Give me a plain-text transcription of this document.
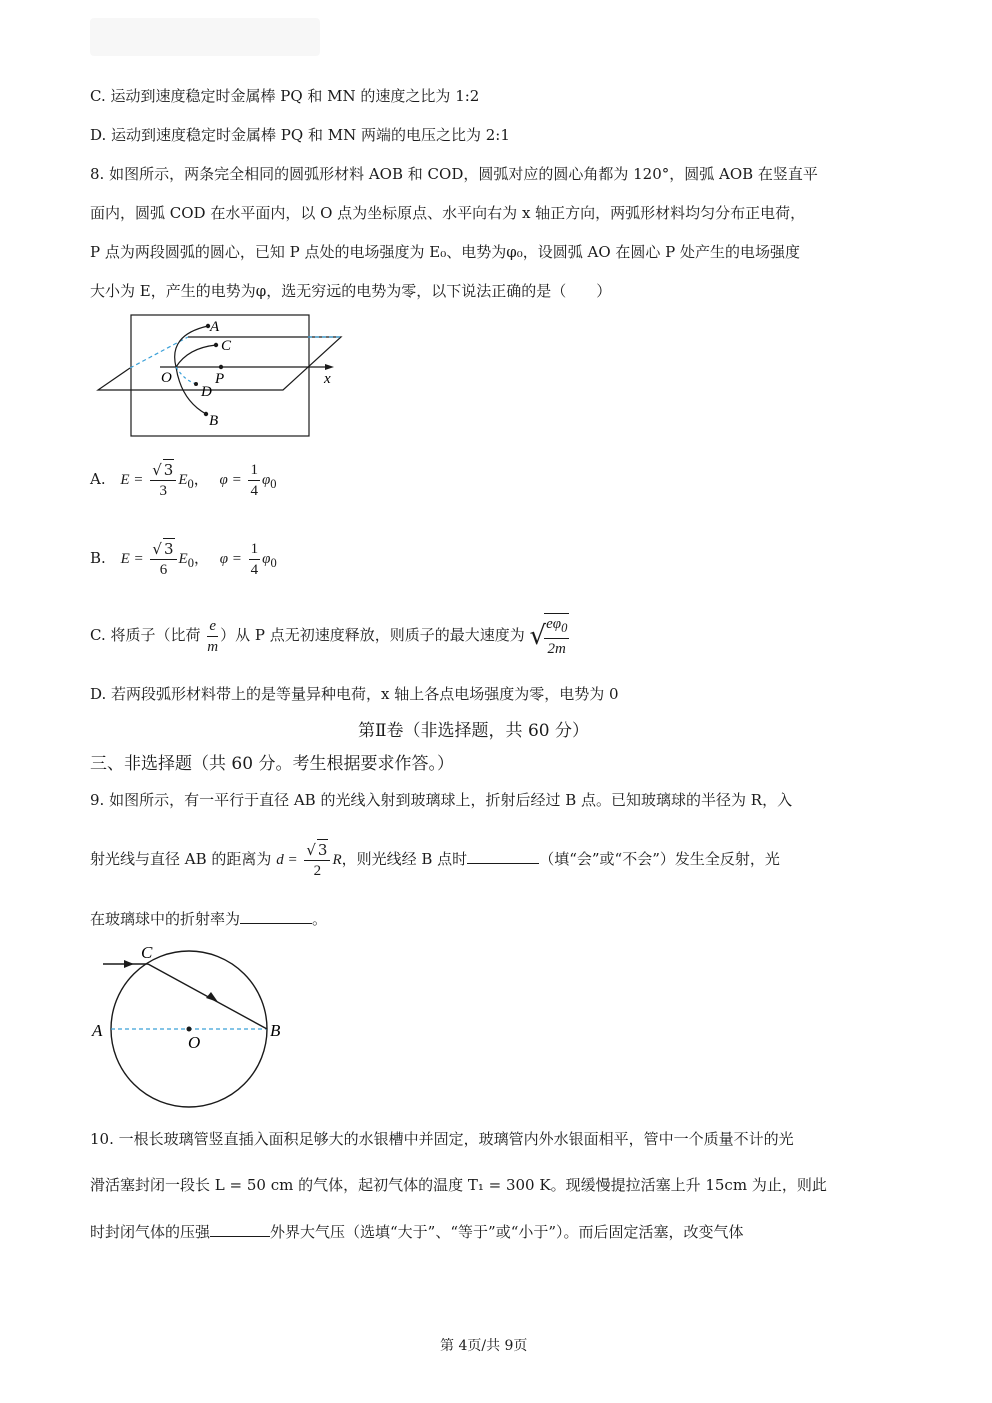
C. 运动到速度稳定时金属棒 PQ 和 MN 的速度之比为 1:2
D. 运动到速度稳定时金属棒 PQ 和 MN 两端的电压之比为 2:1
8. 如图所示，两条完全相同的圆弧形材料 AOB 和 COD，圆弧对应的圆心角都为 120°，圆弧 AOB 在竖直平
面内，圆弧 COD 在水平面内，以 O 点为坐标原点、水平向右为 x 轴正方向，两弧形材料均匀分布正电荷，
P 点为两段圆弧的圆心，已知 P 点处的电场强度为 E₀、电势为φ₀，设圆弧 AO 在圆心 P 处产生的电场强度
大小为 E，产生的电势为φ，选无穷远的电势为零，以下说法正确的是（　　）
A
C
O	P
D
B
x
A. $E = \frac{√ 3}{3} E_0$， $\varphi = \frac{1}{4} \varphi_0$
B. $E = \frac{√ 3}{6} E_0$， $\varphi = \frac{1}{4} \varphi_0$
C. 将质子（比荷 $\frac{e}{m}$ ）从 P 点无初速度释放，则质子的最大速度为 √
$\frac{e\varphi_0}{2m}$
D. 若两段弧形材料带上的是等量异种电荷，x 轴上各点电场强度为零，电势为 0
第Ⅱ卷（非选择题，共 60 分）
三、非选择题（共 60 分。考生根据要求作答。）
9. 如图所示，有一平行于直径 AB 的光线入射到玻璃球上，折射后经过 B 点。已知玻璃球的半径为 R，入
射光线与直径 AB 的距离为 $d = \frac{√ 3}{2}$ R，则光线经 B 点时	（填“会”或“不会”）发生全反射，光
在玻璃球中的折射率为	。
C
A
O
B
10. 一根长玻璃管竖直插入面积足够大的水银槽中并固定，玻璃管内外水银面相平，管中一个质量不计的光
滑活塞封闭一段长 L = 50 cm 的气体，起初气体的温度 T₁ = 300 K。现缓慢提拉活塞上升 15cm 为止，则此
时封闭气体的压强	外界大气压（选填“大于”、“等于”或“小于”）。而后固定活塞，改变气体
第 4页/共 9页
